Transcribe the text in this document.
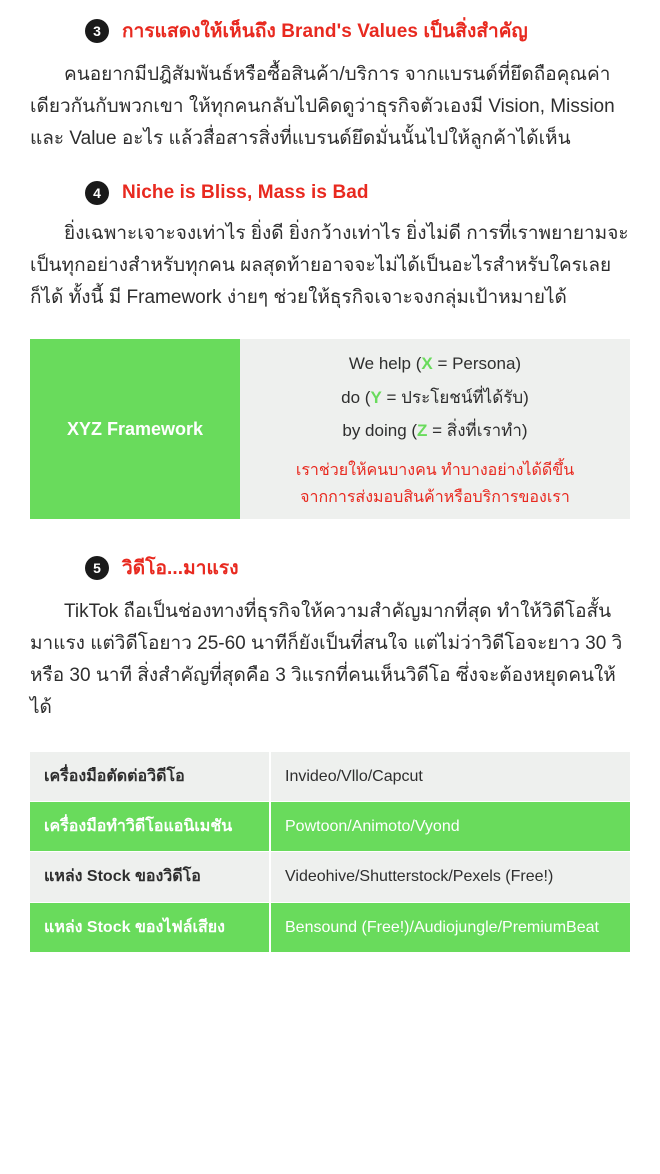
3	การแสดงให้เห็นถึง Brand's Values เป็นสิ่งสำคัญ

คนอยากมีปฎิสัมพันธ์หรือซื้อสินค้า/บริการ จากแบรนด์ที่ยึดถือคุณค่าเดียวกันกับพวกเขา ให้ทุกคนกลับไปคิดดูว่าธุรกิจตัวเองมี Vision, Mission และ Value อะไร แล้วสื่อสารสิ่งที่แบรนด์ยึดมั่นนั้นไปให้ลูกค้าได้เห็น

4	Niche is Bliss, Mass is Bad

ยิ่งเฉพาะเจาะจงเท่าไร ยิ่งดี ยิ่งกว้างเท่าไร ยิ่งไม่ดี การที่เราพยายามจะเป็นทุกอย่างสำหรับทุกคน ผลสุดท้ายอาจจะไม่ได้เป็นอะไรสำหรับใครเลยก็ได้ ทั้งนี้ มี Framework ง่ายๆ ช่วยให้ธุรกิจเจาะจงกลุ่มเป้าหมายได้

XYZ Framework
We help (X = Persona)
do (Y = ประโยชน์ที่ได้รับ)
by doing (Z = สิ่งที่เราทำ)
เราช่วยให้คนบางคน ทำบางอย่างได้ดีขึ้น
จากการส่งมอบสินค้าหรือบริการของเรา
5	วิดีโอ...มาแรง

TikTok ถือเป็นช่องทางที่ธุรกิจให้ความสำคัญมากที่สุด ทำให้วิดีโอสั้นมาแรง แต่วิดีโอยาว 25-60 นาทีก็ยังเป็นที่สนใจ แต่ไม่ว่าวิดีโอจะยาว 30 วิ หรือ 30 นาที สิ่งสำคัญที่สุดคือ 3 วิแรกที่คนเห็นวิดีโอ ซึ่งจะต้องหยุดคนให้ได้

เครื่องมือตัดต่อวิดีโอ	Invideo/Vllo/Capcut
เครื่องมือทำวิดีโอแอนิเมชัน	Powtoon/Animoto/Vyond
แหล่ง Stock ของวิดีโอ	Videohive/Shutterstock/Pexels (Free!)
แหล่ง Stock ของไฟล์เสียง	Bensound (Free!)/Audiojungle/PremiumBeat
